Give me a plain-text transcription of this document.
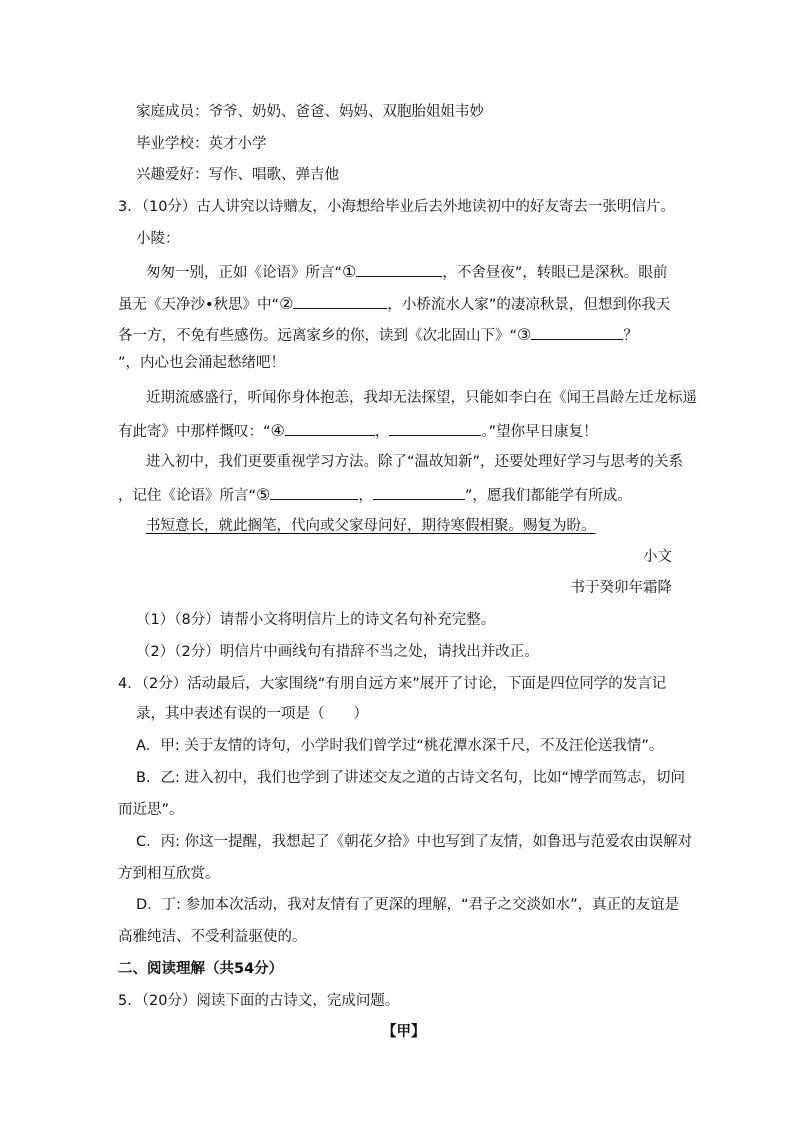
家庭成员：爷爷、奶奶、爸爸、妈妈、双胞胎姐姐韦妙
毕业学校：英才小学
兴趣爱好：写作、唱歌、弹吉他
3．（10分）古人讲究以诗赠友，小海想给毕业后去外地读初中的好友寄去一张明信片。
小陵：
匆匆一别，正如《论语》所言“①	，不舍昼夜”，转眼已是深秋。眼前
虽无《天净沙•秋思》中“②	，小桥流水人家”的凄凉秋景，但想到你我天
各一方，不免有些感伤。远离家乡的你，读到《次北固山下》“③	？
”，内心也会涌起愁绪吧！
近期流感盛行，听闻你身体抱恙，我却无法探望，只能如李白在《闻王昌龄左迁龙标遥
有此寄》中那样慨叹：“④	，	。”望你早日康复！
进入初中，我们更要重视学习方法。除了“温故知新”，还要处理好学习与思考的关系
，记住《论语》所言“⑤	，	”，愿我们都能学有所成。
书短意长，就此搁笔，代向或父家母问好，期待寒假相聚。赐复为盼。
小文
书于癸卯年霜降
（1）（8分）请帮小文将明信片上的诗文名句补充完整。
（2）（2分）明信片中画线句有措辞不当之处，请找出并改正。
4．（2分）活动最后，大家围绕“有朋自远方来”展开了讨论，下面是四位同学的发言记
录，其中表述有误的一项是（　　）
A．甲: 关于友情的诗句，小学时我们曾学过“桃花潭水深千尺，不及汪伦送我情”。
B．乙: 进入初中，我们也学到了讲述交友之道的古诗文名句，比如“博学而笃志，切问
而近思”。
C．丙: 你这一提醒，我想起了《朝花夕拾》中也写到了友情，如鲁迅与范爱农由误解对
方到相互欣赏。
D．丁: 参加本次活动，我对友情有了更深的理解，“君子之交淡如水”，真正的友谊是
高雅纯洁、不受利益驱使的。
二、阅读理解（共54分）
5．（20分）阅读下面的古诗文，完成问题。
【甲】
